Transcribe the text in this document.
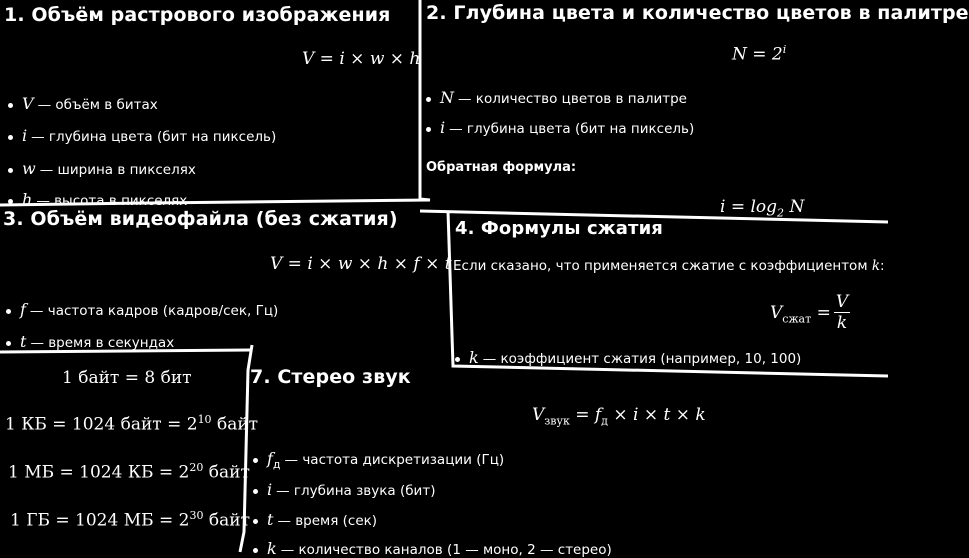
1. Объём растрового изображения
V = i × w × h
V — объём в битах
i — глубина цвета (бит на пиксель)
w — ширина в пикселях
h — высота в пикселях
2. Глубина цвета и количество цветов в палитре
$N = 2^i$
N — количество цветов в палитре
i — глубина цвета (бит на пиксель)
Обратная формула:
$i = \log_2 N$
3. Объём видеофайла (без сжатия)
V = i × w × h × f × t
f — частота кадров (кадров/сек, Гц)
t — время в секундах
4. Формулы сжатия
Если сказано, что применяется сжатие с коэффициентом k:
$V_{сжат}$ =
V
k
k — коэффициент сжатия (например, 10, 100)
1 байт = 8 бит
1 КБ = 1024 байт = $2^{10}$ байт
1 МБ = 1024 КБ = $2^{20}$ байт
1 ГБ = 1024 МБ = $2^{30}$ байт
7. Стерео звук
$V_{звук} = f_д \times i \times t \times k$
$f_д$ — частота дискретизации (Гц)
i — глубина звука (бит)
t — время (сек)
k — количество каналов (1 — моно, 2 — стерео)
